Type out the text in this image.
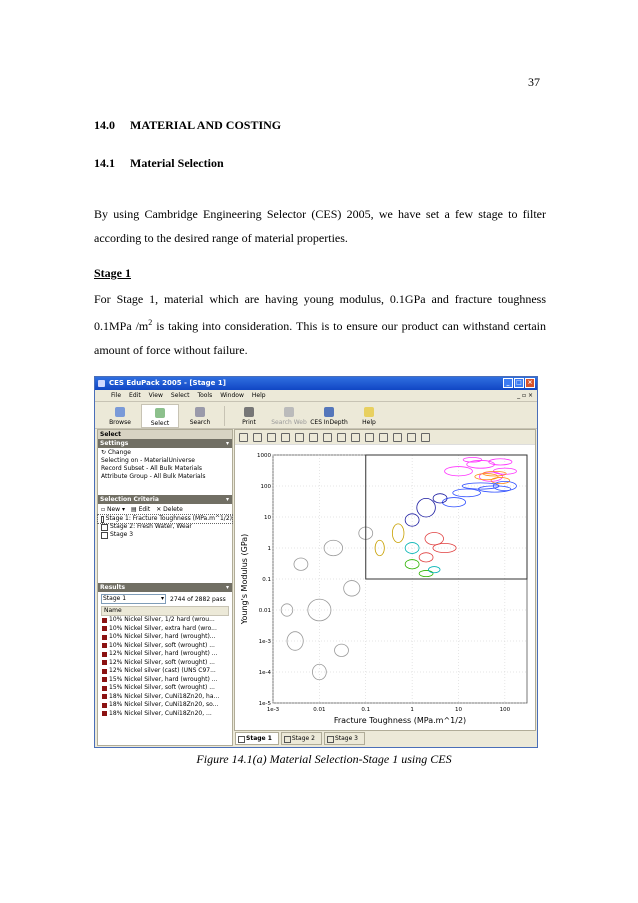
37
14.0 MATERIAL AND COSTING
14.1 Material Selection
By using Cambridge Engineering Selector (CES) 2005, we have set a few stage to filter according to the desired range of material properties.
Stage 1
For Stage 1, material which are having young modulus, 0.1GPa and fracture toughness 0.1MPa $/m^2$ is taking into consideration. This is to ensure our product can withstand certain amount of force without failure.
CES EduPack 2005 - [Stage 1]	_	□ ×
File Edit View Select Tools Window Help	_ ▫ ×
Browse	Select	Search	Print	Search Web CES InDepth	Help
Select
Settings	▾
↻ Change
Selecting on - MaterialUniverse
Record Subset - All Bulk Materials
Attribute Group - All Bulk Materials
Selection Criteria	▾
▫ New ▾ ▤ Edit ✕ Delete
Stage 1: Fracture Toughness (MPa.m^1/2)
Stage 2: Fresh Water, Wear
Stage 3
Results	▾
Stage 1 ▾	2744 of 2882 pass
Name
10% Nickel Silver, 1/2 hard (wrou...
10% Nickel Silver, extra hard (wro...
10% Nickel Silver, hard (wrought)...
10% Nickel Silver, soft (wrought) ...
12% Nickel Silver, hard (wrought) ...
12% Nickel Silver, soft (wrought) ...
12% Nickel silver (cast) (UNS C97...
15% Nickel Silver, hard (wrought) ...
15% Nickel Silver, soft (wrought) ...
18% Nickel Silver, CuNi18Zn20, ha...
18% Nickel Silver, CuNi18Zn20, so...
18% Nickel Silver, CuNi18Zn20, ...	1e-3	0.01	0.1	1	10	100
1000
100
10
1
0.1
0.01
1e-3
1e-4
1e-5
Fracture Toughness (MPa.m^1/2)
Young's Modulus (GPa)
Stage 1	Stage 2	Stage 3
Figure 14.1(a) Material Selection-Stage 1 using CES
